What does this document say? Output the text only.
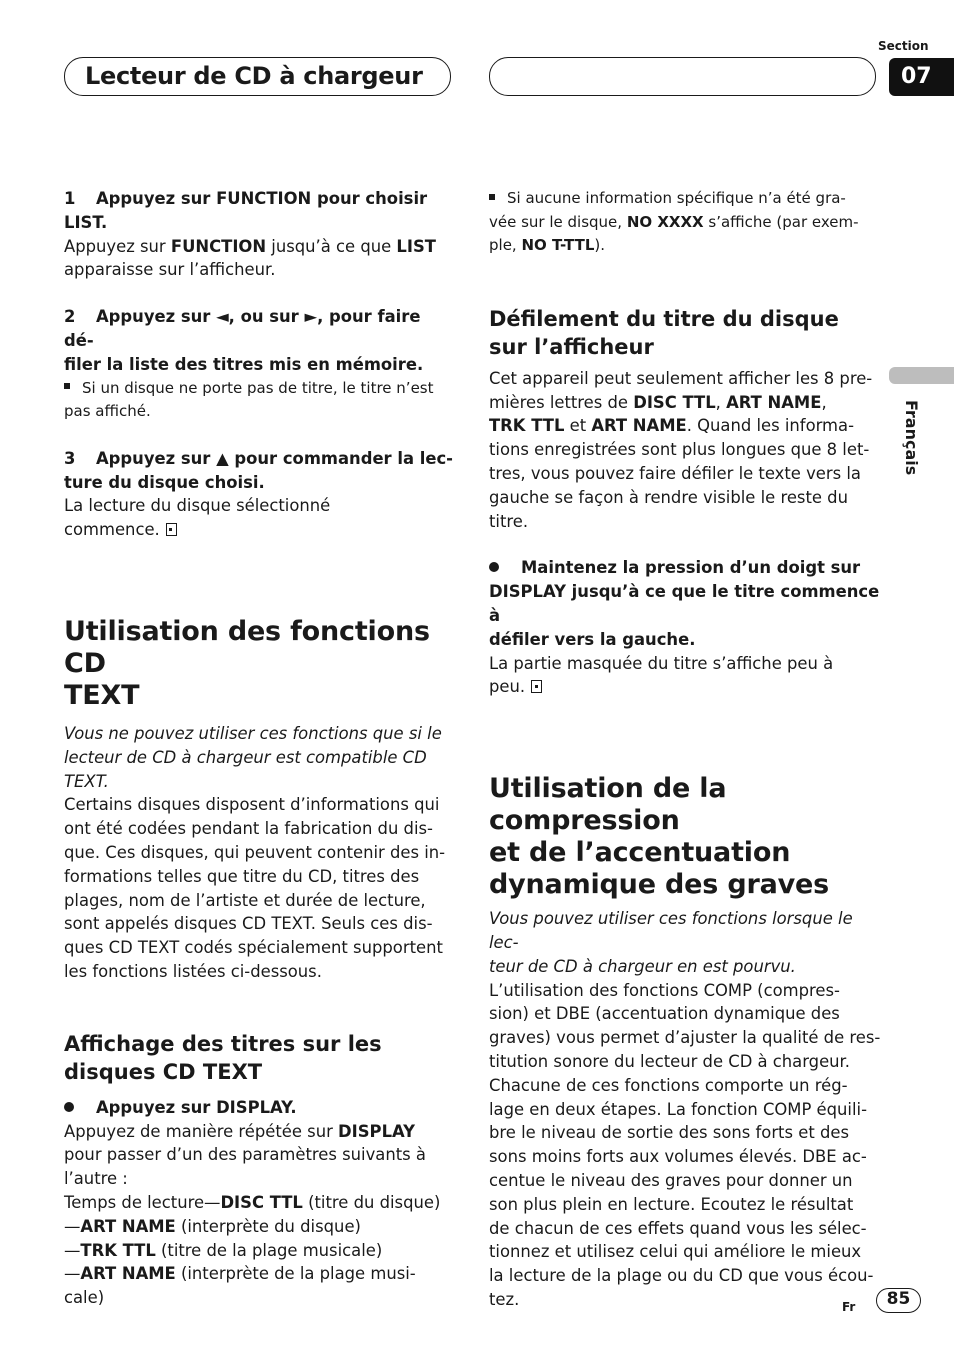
Lecteur de CD à chargeur
Section
07
Français

1 Appuyez sur FUNCTION pour choisir

LIST.

Appuyez sur FUNCTION jusqu’à ce que LIST

apparaisse sur l’afficheur.

2 Appuyez sur ◄, ou sur ►, pour faire dé-

filer la liste des titres mis en mémoire.

Si un disque ne porte pas de titre, le titre n’est

pas affiché.

3 Appuyez sur ▲ pour commander la lec-

ture du disque choisi.

La lecture du disque sélectionné

commence.

Utilisation des fonctions CD
TEXT

Vous ne pouvez utiliser ces fonctions que si le

lecteur de CD à chargeur est compatible CD

TEXT.

Certains disques disposent d’informations qui

ont été codées pendant la fabrication du dis-

que. Ces disques, qui peuvent contenir des in-

formations telles que titre du CD, titres des

plages, nom de l’artiste et durée de lecture,

sont appelés disques CD TEXT. Seuls ces dis-

ques CD TEXT codés spécialement supportent

les fonctions listées ci-dessous.

Affichage des titres sur les
disques CD TEXT

Appuyez sur DISPLAY.

Appuyez de manière répétée sur DISPLAY

pour passer d’un des paramètres suivants à

l’autre :

Temps de lecture—DISC TTL (titre du disque)

—ART NAME (interprète du disque)

—TRK TTL (titre de la plage musicale)

—ART NAME (interprète de la plage musi-

cale)

Si aucune information spécifique n’a été gra-

vée sur le disque, NO XXXX s’affiche (par exem-

ple, NO T-TTL).

Défilement du titre du disque
sur l’afficheur

Cet appareil peut seulement afficher les 8 pre-

mières lettres de DISC TTL, ART NAME,

TRK TTL et ART NAME. Quand les informa-

tions enregistrées sont plus longues que 8 let-

tres, vous pouvez faire défiler le texte vers la

gauche se façon à rendre visible le reste du

titre.

Maintenez la pression d’un doigt sur

DISPLAY jusqu’à ce que le titre commence à

défiler vers la gauche.

La partie masquée du titre s’affiche peu à

peu.

Utilisation de la compression
et de l’accentuation
dynamique des graves

Vous pouvez utiliser ces fonctions lorsque le lec-

teur de CD à chargeur en est pourvu.

L’utilisation des fonctions COMP (compres-

sion) et DBE (accentuation dynamique des

graves) vous permet d’ajuster la qualité de res-

titution sonore du lecteur de CD à chargeur.

Chacune de ces fonctions comporte un rég-

lage en deux étapes. La fonction COMP équili-

bre le niveau de sortie des sons forts et des

sons moins forts aux volumes élevés. DBE ac-

centue le niveau des graves pour donner un

son plus plein en lecture. Ecoutez le résultat

de chacun de ces effets quand vous les sélec-

tionnez et utilisez celui qui améliore le mieux

la lecture de la plage ou du CD que vous écou-

tez.	Fr	85
